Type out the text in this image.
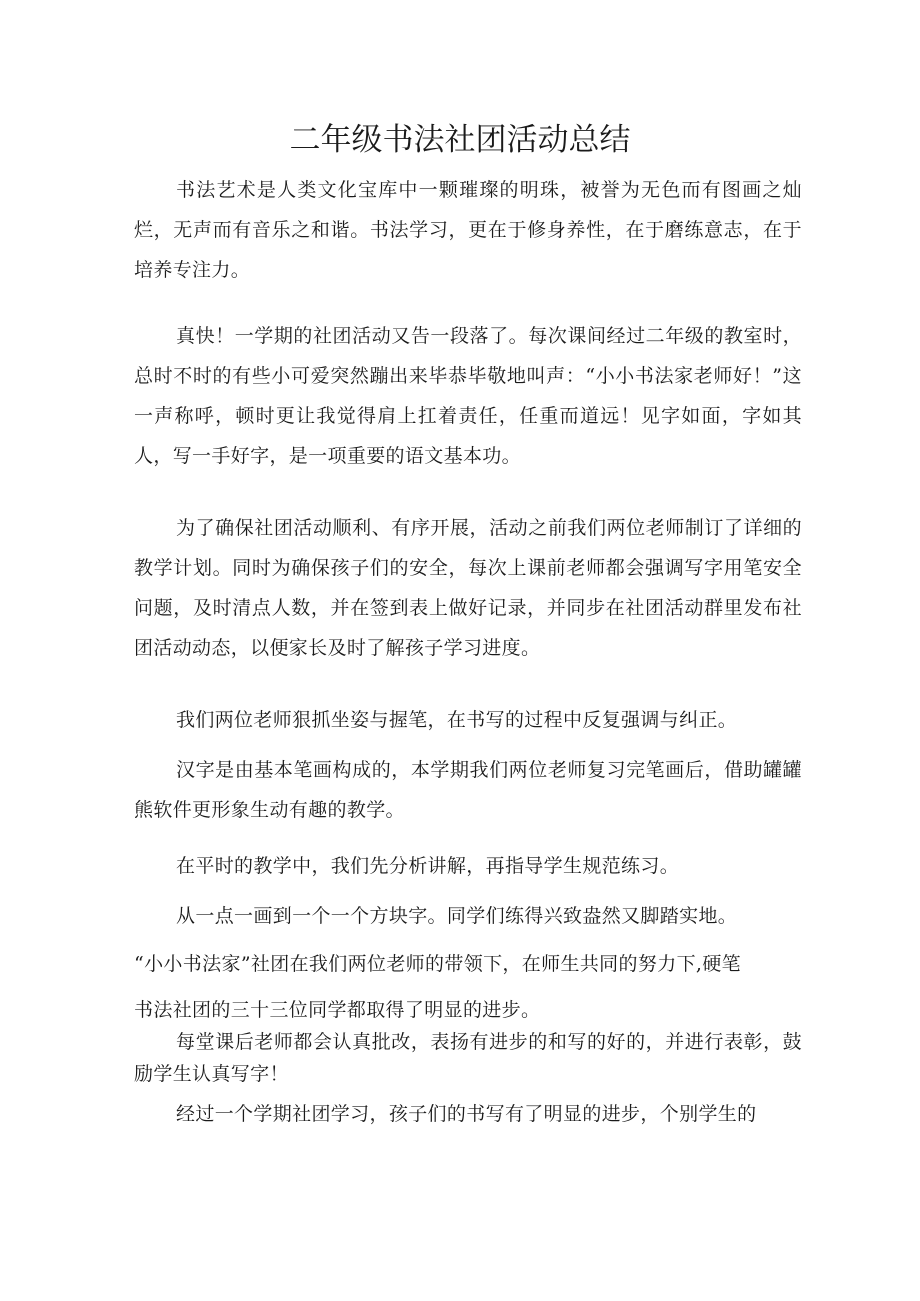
二年级书法社团活动总结

书法艺术是人类文化宝库中一颗璀璨的明珠，被誉为无色而有图画之灿烂，无声而有音乐之和谐。书法学习，更在于修身养性，在于磨练意志，在于培养专注力。

真快！一学期的社团活动又告一段落了。每次课间经过二年级的教室时，总时不时的有些小可爱突然蹦出来毕恭毕敬地叫声：“小小书法家老师好！”这一声称呼，顿时更让我觉得肩上扛着责任，任重而道远！见字如面，字如其人，写一手好字，是一项重要的语文基本功。

为了确保社团活动顺利、有序开展，活动之前我们两位老师制订了详细的教学计划。同时为确保孩子们的安全，每次上课前老师都会强调写字用笔安全问题，及时清点人数，并在签到表上做好记录，并同步在社团活动群里发布社团活动动态，以便家长及时了解孩子学习进度。

我们两位老师狠抓坐姿与握笔，在书写的过程中反复强调与纠正。

汉字是由基本笔画构成的，本学期我们两位老师复习完笔画后，借助罐罐熊软件更形象生动有趣的教学。

在平时的教学中，我们先分析讲解，再指导学生规范练习。

从一点一画到一个一个方块字。同学们练得兴致盎然又脚踏实地。

“小小书法家”社团在我们两位老师的带领下，在师生共同的努力下,硬笔

书法社团的三十三位同学都取得了明显的进步。

每堂课后老师都会认真批改，表扬有进步的和写的好的，并进行表彰，鼓励学生认真写字！

经过一个学期社团学习，孩子们的书写有了明显的进步，个别学生的
